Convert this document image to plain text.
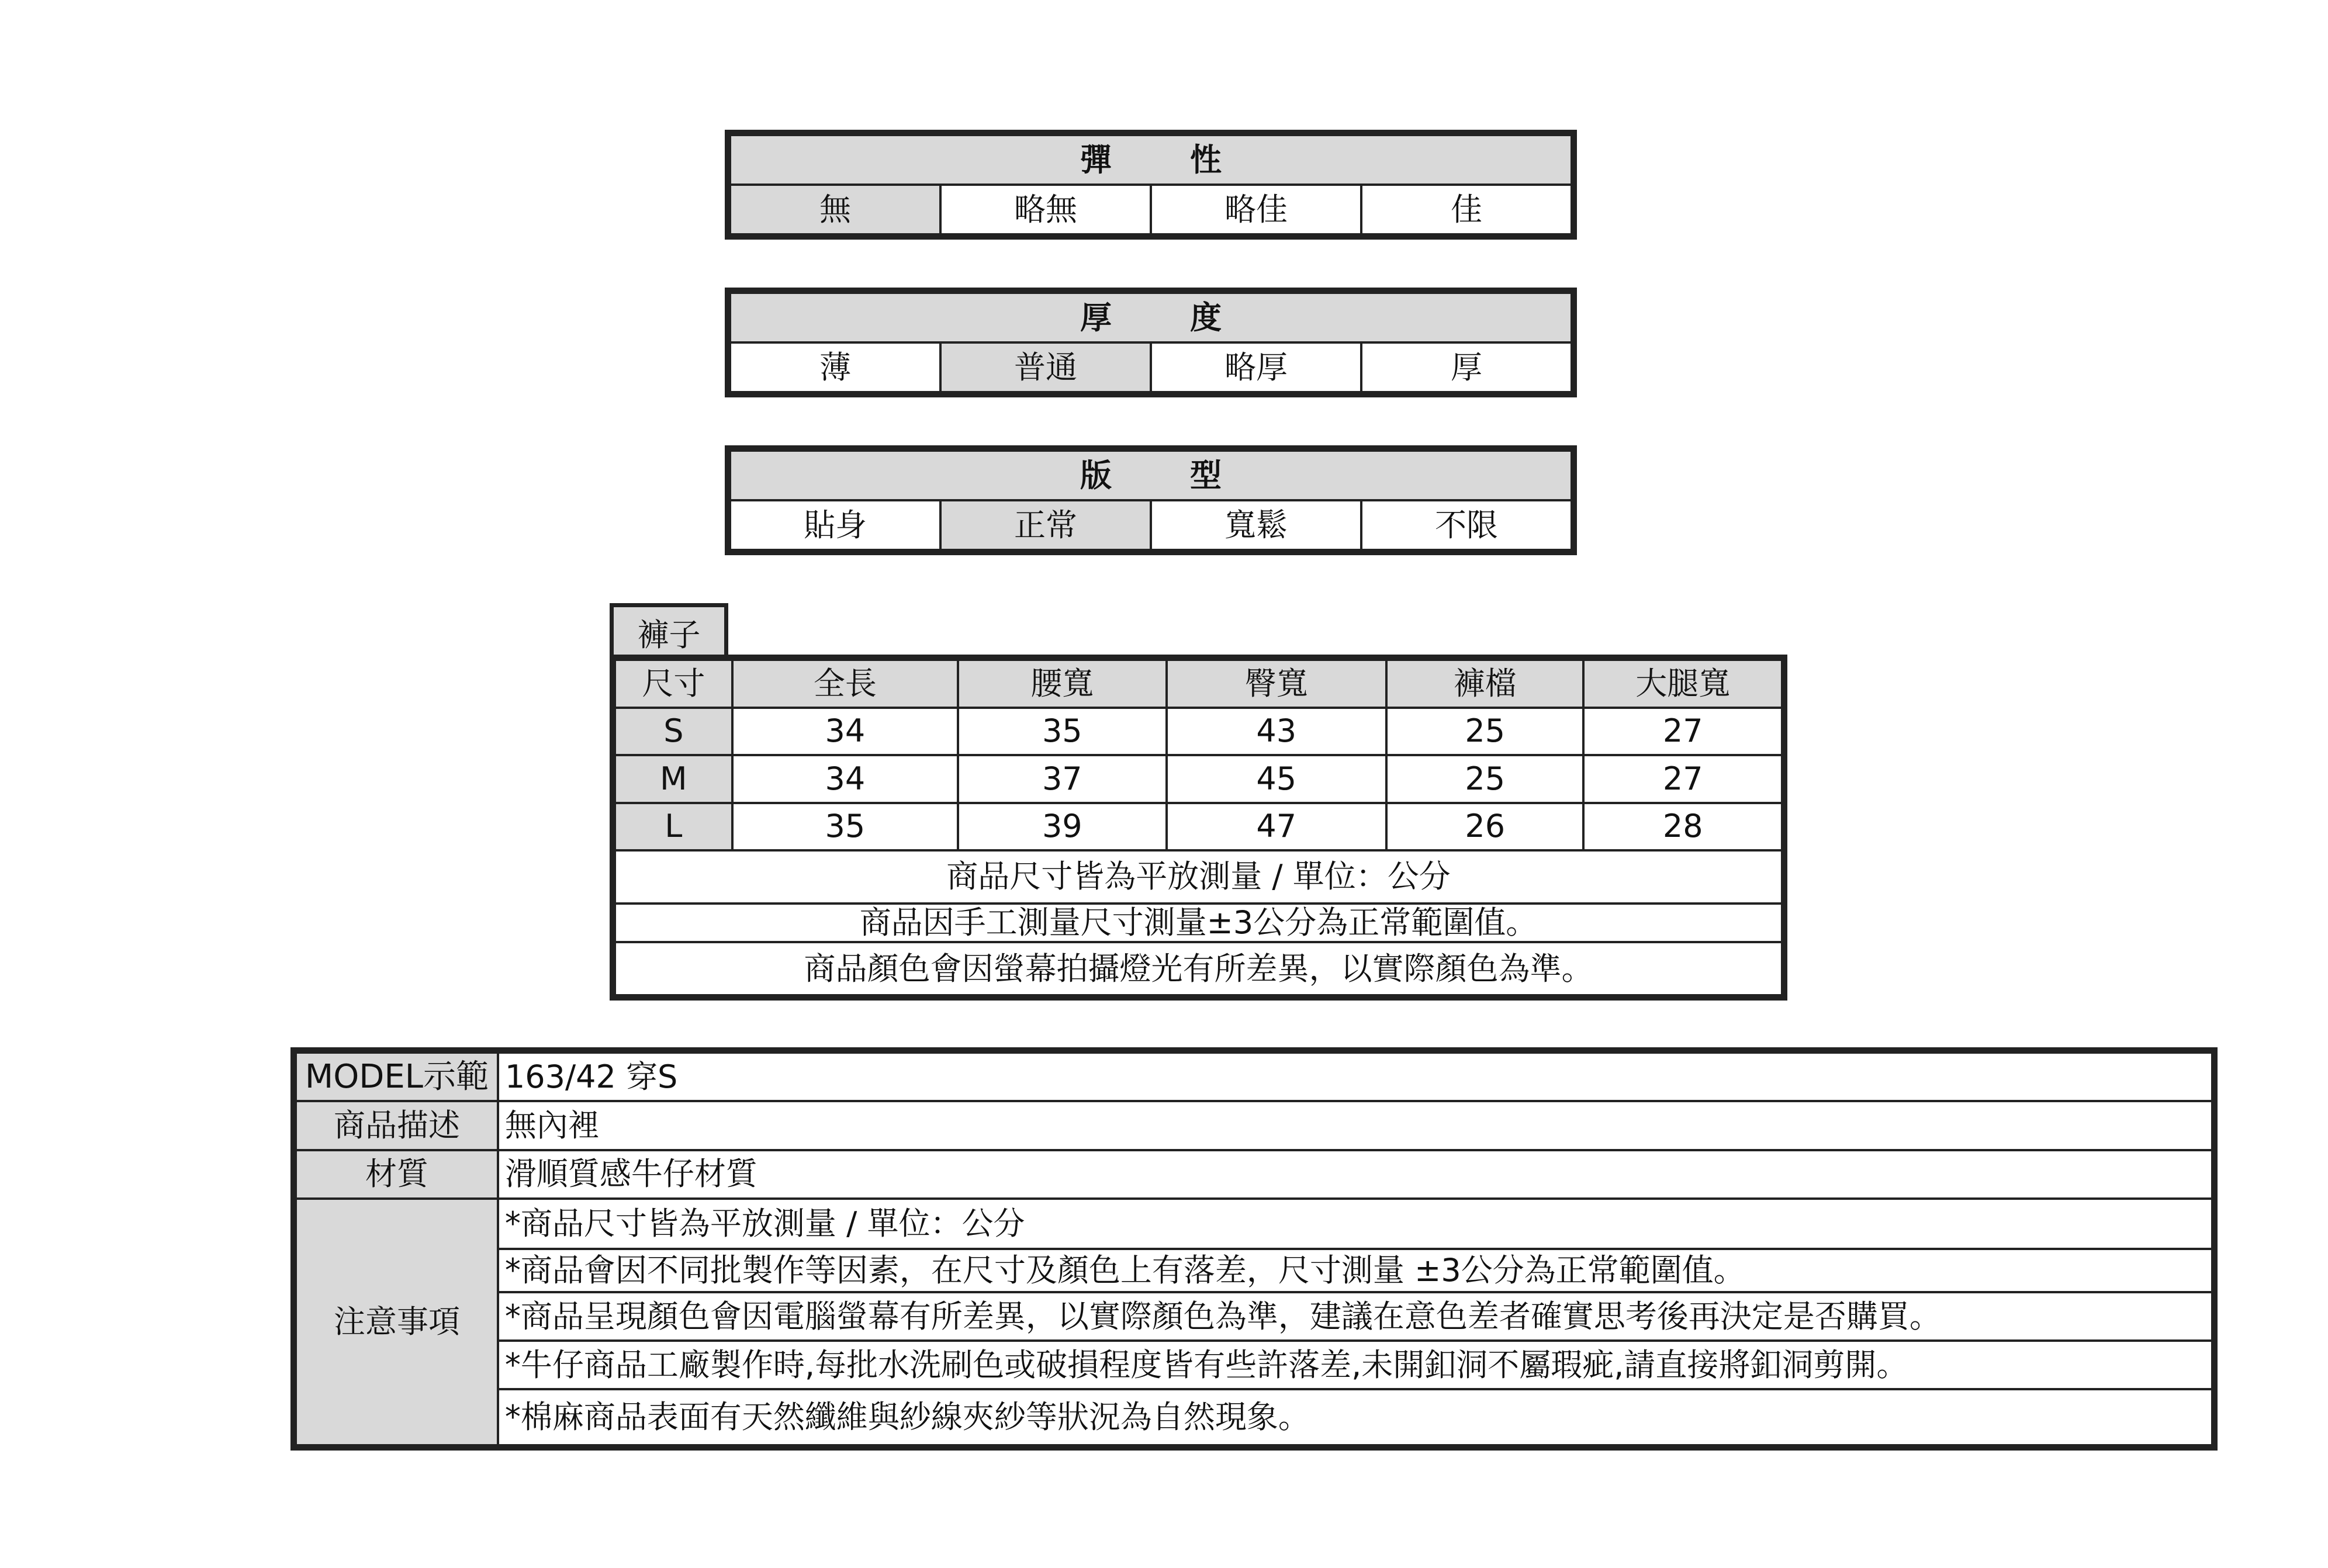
彈　性
無	略無	略佳	佳
厚　度
薄	普通	略厚	厚
版　型
貼身	正常	寬鬆	不限
褲子
尺寸	全長	腰寬	臀寬	褲檔	大腿寬
S	34	35	43	25	27
M	34	37	45	25	27
L	35	39	47	26	28
商品尺寸皆為平放測量 / 單位：公分					
商品因手工測量尺寸測量±3公分為正常範圍值。					
商品顏色會因螢幕拍攝燈光有所差異，以實際顏色為準。					
MODEL示範	163/42 穿S
商品描述	無內裡
材質	滑順質感牛仔材質
注意事項	*商品尺寸皆為平放測量 / 單位：公分
	*商品會因不同批製作等因素，在尺寸及顏色上有落差，尺寸測量 ±3公分為正常範圍值。
	*商品呈現顏色會因電腦螢幕有所差異，以實際顏色為準，建議在意色差者確實思考後再決定是否購買。
	*牛仔商品工廠製作時,每批水洗刷色或破損程度皆有些許落差,未開釦洞不屬瑕疵,請直接將釦洞剪開。
	*棉麻商品表面有天然纖維與紗線夾紗等狀況為自然現象。
